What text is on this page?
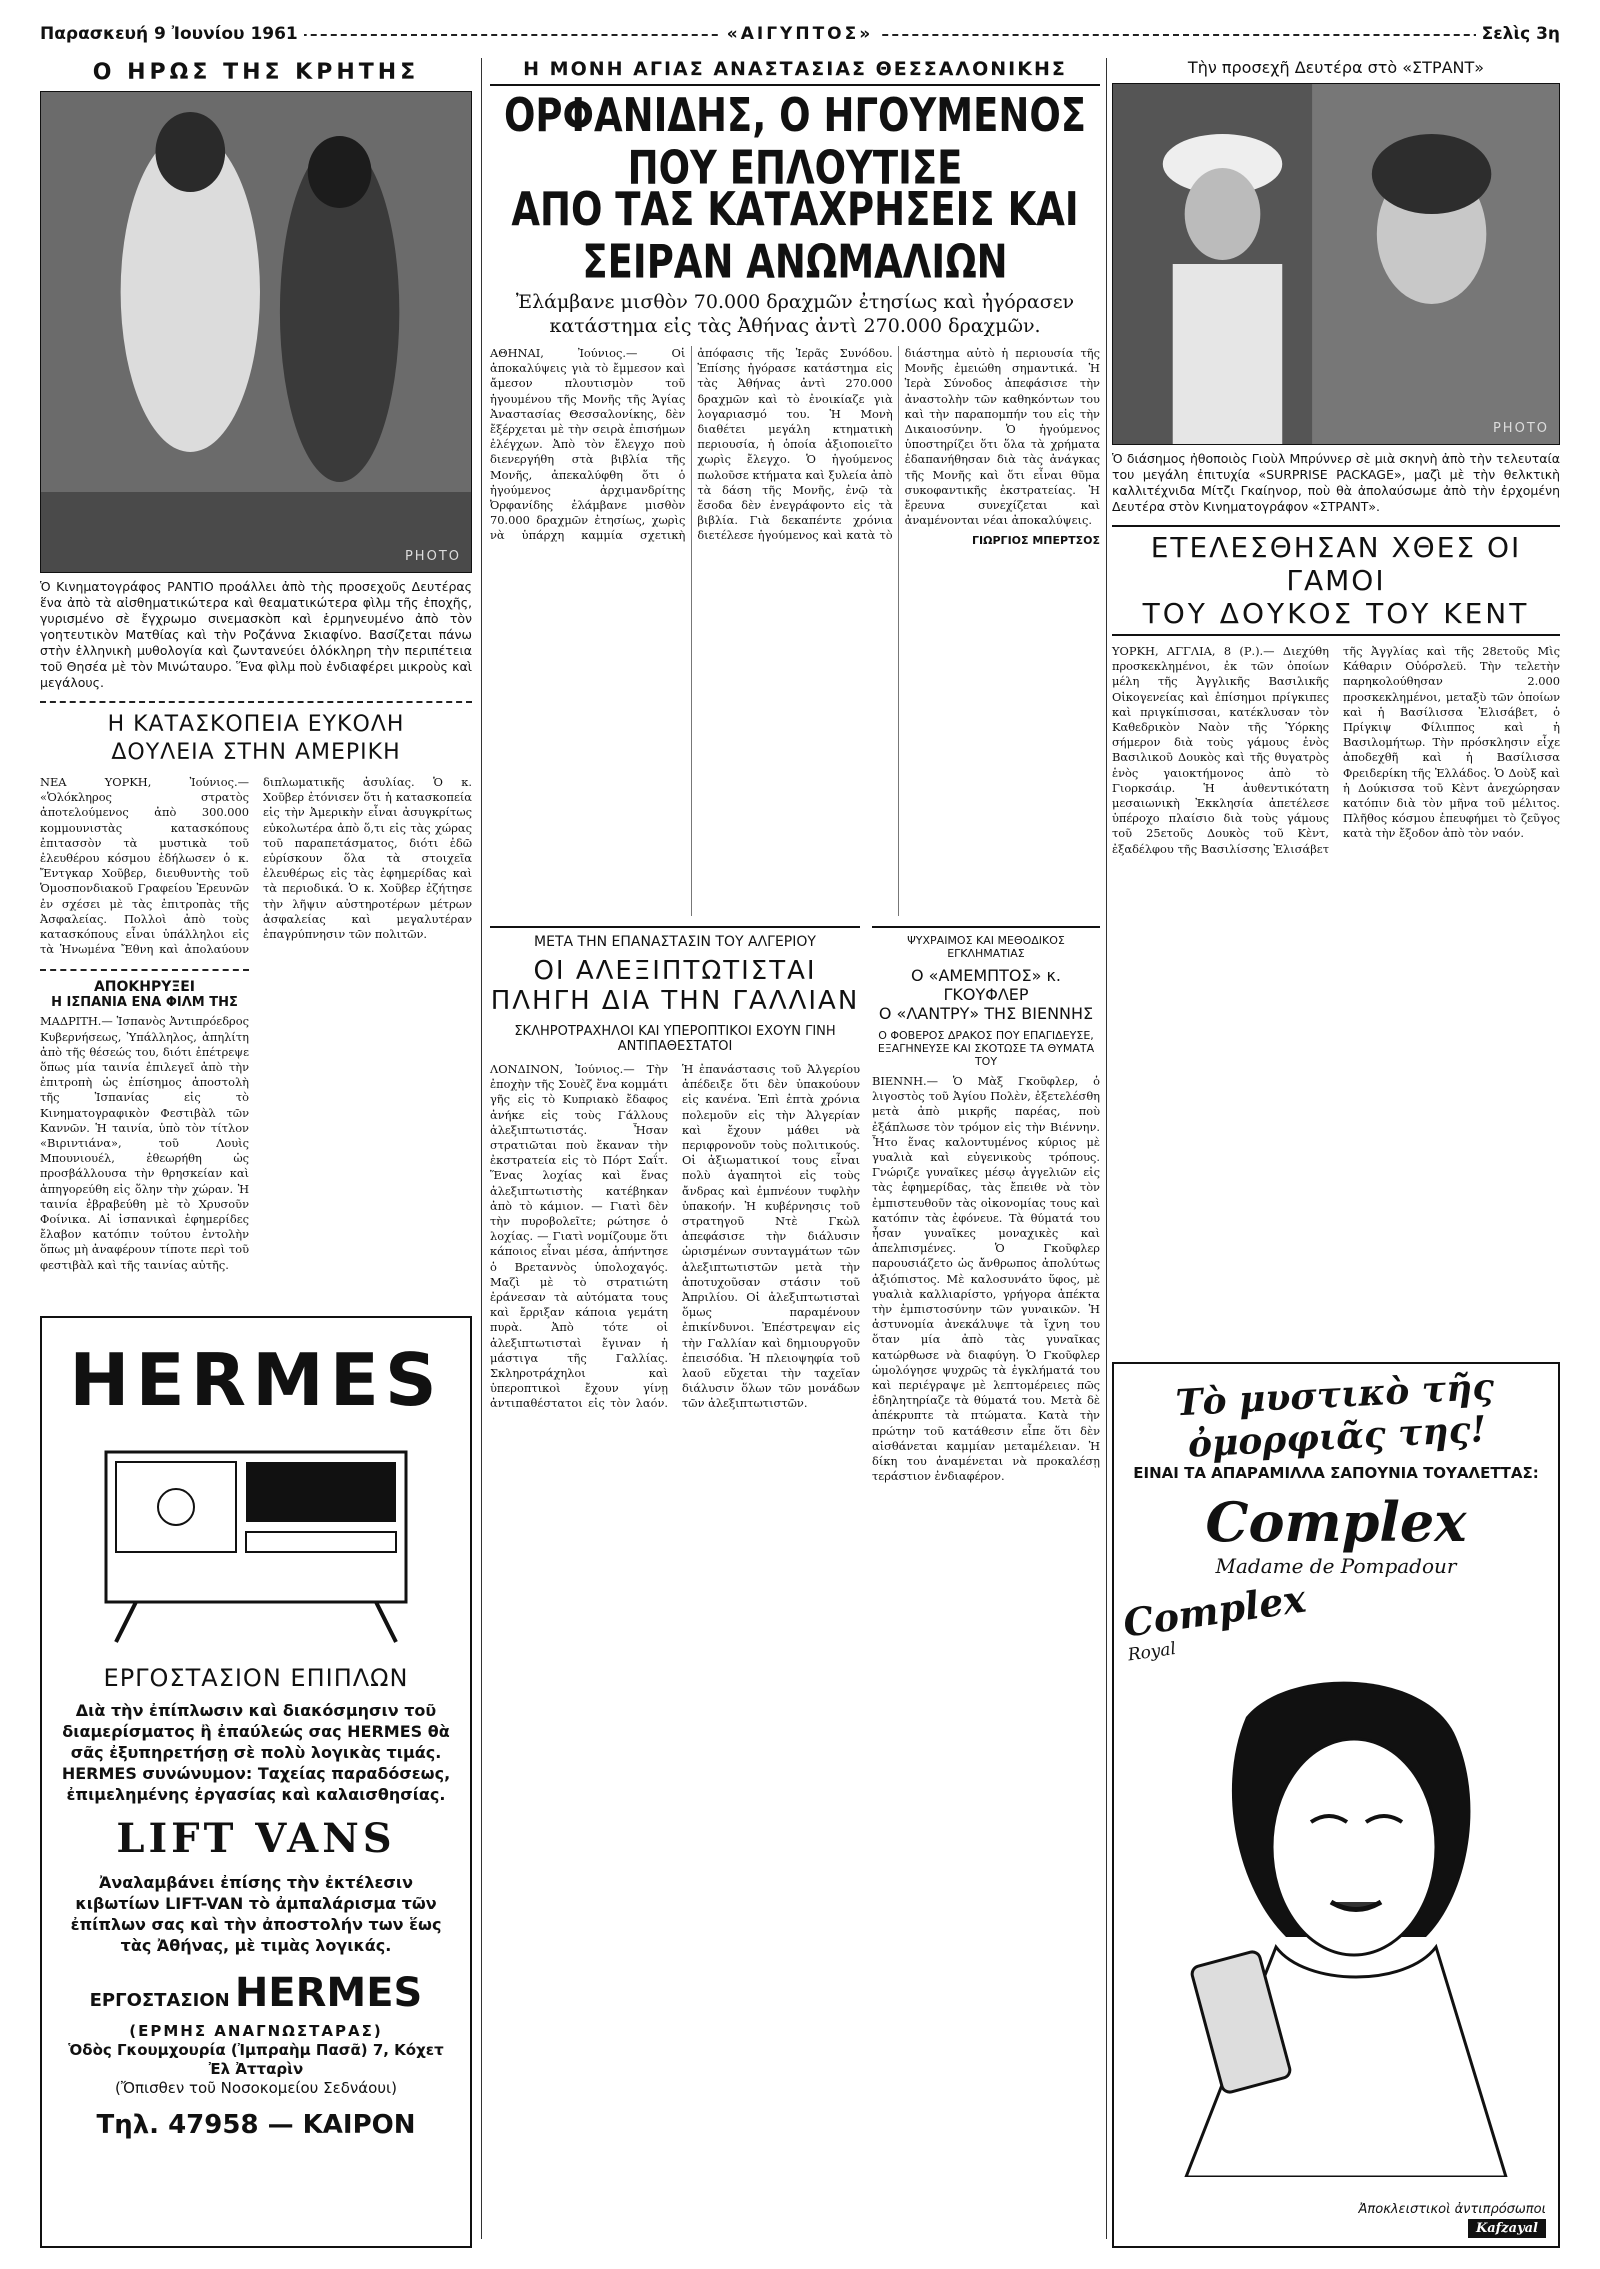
Παρασκευή 9 Ἰουνίου 1961	«ΑΙΓΥΠΤΟΣ»	Σελὶς 3η
Ο ΗΡΩΣ ΤΗΣ ΚΡΗΤΗΣ
PHOTO

Ὁ Κινηματογράφος ΡΑΝΤΙΟ προάλλει ἀπὸ τὴς προσεχοῦς Δευτέρας ἕνα ἀπὸ τὰ αἰσθηματικώτερα καὶ θεαματικώτερα φὶλμ τῆς ἐποχῆς, γυρισμένο σὲ ἔγχρωμο σινεμασκὸπ καὶ ἑρμηνευμένο ἀπὸ τὸν γοητευτικὸν Ματθίας καὶ τὴν Ροζάννα Σκιαφίνο. Βασίζεται πάνω στὴν ἑλληνικὴ μυθολογία καὶ ζωντανεύει ὁλόκληρη τὴν περιπέτεια τοῦ Θησέα μὲ τὸν Μινώταυρο. Ἕνα φὶλμ ποὺ ἐνδιαφέρει μικροὺς καὶ μεγάλους.

Η ΚΑΤΑΣΚΟΠΕΙΑ ΕΥΚΟΛΗ ΔΟΥΛΕΙΑ ΣΤΗΝ ΑΜΕΡΙΚΗ

ΝΕΑ ΥΟΡΚΗ, Ἰούνιος.— «Ὁλόκληρος στρατὸς ἀποτελούμενος ἀπὸ 300.000 κομμουνιστὰς κατασκόπους ἐπιτασσὸν τὰ μυστικὰ τοῦ ἐλευθέρου κόσμου ἐδήλωσεν ὁ κ. Ἔντγκαρ Χοῦβερ, διευθυντὴς τοῦ Ὁμοσπονδιακοῦ Γραφείου Ἐρευνῶν ἐν σχέσει μὲ τὰς ἐπιτροπὰς τῆς Ἀσφαλείας. Πολλοὶ ἀπὸ τοὺς κατασκόπους εἶναι ὑπάλληλοι εἰς τὰ Ἡνωμένα Ἔθνη καὶ ἀπολαύουν διπλωματικῆς ἀσυλίας. Ὁ κ. Χοῦβερ ἐτόνισεν ὅτι ἡ κατασκοπεία εἰς τὴν Ἀμερικὴν εἶναι ἀσυγκρίτως εὐκολωτέρα ἀπὸ ὅ,τι εἰς τὰς χώρας τοῦ παραπετάσματος, διότι ἐδῶ εὑρίσκουν ὅλα τὰ στοιχεῖα ἐλευθέρως εἰς τὰς ἐφημερίδας καὶ τὰ περιοδικά. Ὁ κ. Χοῦβερ ἐζήτησε τὴν λῆψιν αὐστηροτέρων μέτρων ἀσφαλείας καὶ μεγαλυτέραν ἐπαγρύπνησιν τῶν πολιτῶν.

ΑΠΟΚΗΡΥΞΕΙ
Η ΙΣΠΑΝΙΑ ΕΝΑ ΦΙΛΜ ΤΗΣ

ΜΑΔΡΙΤΗ.— Ἱσπανὸς Ἀντιπρόεδρος Κυβερνήσεως, Ὑπάλληλος, ἀπηλίτη ἀπὸ τῆς θέσεώς του, διότι ἐπέτρεψε ὅπως μία ταινία ἐπιλεγεῖ ἀπὸ τὴν ἐπιτροπὴ ὡς ἐπίσημος ἀποστολὴ τῆς Ἱσπανίας εἰς τὸ Κινηματογραφικὸν Φεστιβὰλ τῶν Καννῶν. Ἡ ταινία, ὑπὸ τὸν τίτλον «Βιριντιάνα», τοῦ Λουὶς Μπουνιουέλ, ἐθεωρήθη ὡς προσβάλλουσα τὴν θρησκείαν καὶ ἀπηγορεύθη εἰς ὅλην τὴν χώραν. Ἡ ταινία ἐβραβεύθη μὲ τὸ Χρυσοῦν Φοίνικα. Αἱ ἱσπανικαὶ ἐφημερίδες ἔλαβον κατόπιν τούτου ἐντολὴν ὅπως μὴ ἀναφέρουν τίποτε περὶ τοῦ φεστιβὰλ καὶ τῆς ταινίας αὐτῆς.

HERMES
ΕΡΓΟΣΤΑΣΙΟΝ ΕΠΙΠΛΩΝ
Διὰ τὴν ἐπίπλωσιν καὶ διακόσμησιν τοῦ διαμερίσματος ἢ ἐπαύλεώς σας HERMES θὰ σᾶς ἐξυπηρετήσῃ σὲ πολὺ λογικὰς τιμάς. HERMES συνώνυμον: Ταχείας παραδόσεως, ἐπιμελημένης ἐργασίας καὶ καλαισθησίας.
LIFT VANS
Ἀναλαμβάνει ἐπίσης τὴν ἐκτέλεσιν κιβωτίων LIFT-VAN τὸ ἀμπαλάρισμα τῶν ἐπίπλων σας καὶ τὴν ἀποστολήν των ἕως τὰς Ἀθήνας, μὲ τιμὰς λογικάς.
ΕΡΓΟΣΤΑΣΙΟΝ HERMES
(ΕΡΜΗΣ ΑΝΑΓΝΩΣΤΑΡΑΣ)
Ὁδὸς Γκουμχουρία (Ἰμπραὴμ Πασᾶ) 7, Κόχετ Ἐλ Ἀτταρὶν
(Ὄπισθεν τοῦ Νοσοκομείου Σεδνάουι)
Τηλ. 47958 — ΚΑΙΡΟΝ
Η ΜΟΝΗ ΑΓΙΑΣ ΑΝΑΣΤΑΣΙΑΣ ΘΕΣΣΑΛΟΝΙΚΗΣ
ΟΡΦΑΝΙΔΗΣ, Ο ΗΓΟΥΜΕΝΟΣ ΠΟΥ ΕΠΛΟΥΤΙΣΕ
ΑΠΟ ΤΑΣ ΚΑΤΑΧΡΗΣΕΙΣ ΚΑΙ ΣΕΙΡΑΝ ΑΝΩΜΑΛΙΩΝ

Ἐλάμβανε μισθὸν 70.000 δραχμῶν ἐτησίως καὶ ἠγόρασεν κατάστημα εἰς τὰς Ἀθήνας ἀντὶ 270.000 δραχμῶν.

ΑΘΗΝΑΙ, Ἰούνιος.— Οἱ ἀποκαλύψεις γιὰ τὸ ἔμμεσον καὶ ἄμεσον πλουτισμὸν τοῦ ἡγουμένου τῆς Μονῆς τῆς Ἁγίας Ἀναστασίας Θεσσαλονίκης, δὲν ἔξέρχεται μὲ τὴν σειρὰ ἐπισήμων ἐλέγχων. Ἀπὸ τὸν ἔλεγχο ποὺ διενεργήθη στὰ βιβλία τῆς Μονῆς, ἀπεκαλύφθη ὅτι ὁ ἡγούμενος ἀρχιμανδρίτης Ὀρφανίδης ἐλάμβανε μισθὸν 70.000 δραχμῶν ἐτησίως, χωρὶς νὰ ὑπάρχη καμμία σχετικὴ ἀπόφασις τῆς Ἱερᾶς Συνόδου. Ἐπίσης ἠγόρασε κατάστημα εἰς τὰς Ἀθήνας ἀντὶ 270.000 δραχμῶν καὶ τὸ ἐνοικίαζε γιὰ λογαριασμό του. Ἡ Μονὴ διαθέτει μεγάλη κτηματικὴ περιουσία, ἡ ὁποία ἀξιοποιεῖτο χωρὶς ἔλεγχο. Ὁ ἡγούμενος πωλοῦσε κτήματα καὶ ξυλεία ἀπὸ τὰ δάση τῆς Μονῆς, ἐνῷ τὰ ἔσοδα δὲν ἐνεγράφοντο εἰς τὰ βιβλία. Γιὰ δεκαπέντε χρόνια διετέλεσε ἡγούμενος καὶ κατὰ τὸ διάστημα αὐτὸ ἡ περιουσία τῆς Μονῆς ἐμειώθη σημαντικά. Ἡ Ἱερὰ Σύνοδος ἀπεφάσισε τὴν ἀναστολὴν τῶν καθηκόντων του καὶ τὴν παραπομπήν του εἰς τὴν Δικαιοσύνην. Ὁ ἡγούμενος ὑποστηρίζει ὅτι ὅλα τὰ χρήματα ἐδαπανήθησαν διὰ τὰς ἀνάγκας τῆς Μονῆς καὶ ὅτι εἶναι θῦμα συκοφαντικῆς ἐκστρατείας. Ἡ ἔρευνα συνεχίζεται καὶ ἀναμένονται νέαι ἀποκαλύψεις.

ΓΙΩΡΓΙΟΣ ΜΠΕΡΤΣΟΣ
ΜΕΤΑ ΤΗΝ ΕΠΑΝΑΣΤΑΣΙΝ ΤΟΥ ΑΛΓΕΡΙΟΥ
ΟΙ ΑΛΕΞΙΠΤΩΤΙΣΤΑΙ
ΠΛΗΓΗ ΔΙΑ ΤΗΝ ΓΑΛΛΙΑΝ
ΣΚΛΗΡΟΤΡΑΧΗΛΟΙ ΚΑΙ ΥΠΕΡΟΠΤΙΚΟΙ ΕΧΟΥΝ ΓΙΝΗ ΑΝΤΙΠΑΘΕΣΤΑΤΟΙ

ΛΟΝΔΙΝΟΝ, Ἰούνιος.— Τὴν ἐποχὴν τῆς Σουὲζ ἕνα κομμάτι γῆς εἰς τὸ Κυπριακὸ ἔδαφος ἀνήκε εἰς τοὺς Γάλλους ἀλεξιπτωτιστάς. Ἦσαν στρατιῶται ποὺ ἔκαναν τὴν ἐκστρατεία εἰς τὸ Πόρτ Σαΐτ. Ἕνας λοχίας καὶ ἕνας ἀλεξιπτωτιστὴς κατέβηκαν ἀπὸ τὸ κάμιον. — Γιατὶ δὲν τὴν πυροβολεῖτε; ρώτησε ὁ λοχίας. — Γιατὶ νομίζουμε ὅτι κάποιος εἶναι μέσα, ἀπήντησε ὁ Βρεταννὸς ὑπολοχαγός. Μαζὶ μὲ τὸ στρατιώτη ἐράνεσαν τὰ αὐτόματα τους καὶ ἔρριξαν κάποια γεμάτη πυρὰ. Ἀπὸ τότε οἱ ἀλεξιπτωτισταὶ ἔγιναν ἡ μάστιγα τῆς Γαλλίας. Σκληροτράχηλοι καὶ ὑπεροπτικοὶ ἔχουν γίνῃ ἀντιπαθέστατοι εἰς τὸν λαόν. Ἡ ἐπανάστασις τοῦ Ἀλγερίου ἀπέδειξε ὅτι δὲν ὑπακούουν εἰς κανένα. Ἐπὶ ἑπτὰ χρόνια πολεμοῦν εἰς τὴν Ἀλγερίαν καὶ ἔχουν μάθει νὰ περιφρονοῦν τοὺς πολιτικούς. Οἱ ἀξιωματικοί τους εἶναι πολὺ ἀγαπητοὶ εἰς τοὺς ἄνδρας καὶ ἐμπνέουν τυφλὴν ὑπακοήν. Ἡ κυβέρνησις τοῦ στρατηγοῦ Ντὲ Γκὼλ ἀπεφάσισε τὴν διάλυσιν ὡρισμένων συνταγμάτων τῶν ἀλεξιπτωτιστῶν μετὰ τὴν ἀποτυχοῦσαν στάσιν τοῦ Ἀπριλίου. Οἱ ἀλεξιπτωτισταὶ ὅμως παραμένουν ἐπικίνδυνοι. Ἐπέστρεψαν εἰς τὴν Γαλλίαν καὶ δημιουργοῦν ἐπεισόδια. Ἡ πλειοψηφία τοῦ λαοῦ εὔχεται τὴν ταχεῖαν διάλυσιν ὅλων τῶν μονάδων τῶν ἀλεξιπτωτιστῶν.

ΨΥΧΡΑΙΜΟΣ ΚΑΙ ΜΕΘΟΔΙΚΟΣ ΕΓΚΛΗΜΑΤΙΑΣ
Ο «ΑΜΕΜΠΤΟΣ» κ. ΓΚΟΥΦΛΕΡ
Ο «ΛΑΝΤΡΥ» ΤΗΣ ΒΙΕΝΝΗΣ
Ο ΦΟΒΕΡΟΣ ΔΡΑΚΟΣ ΠΟΥ ΕΠΑΓΙΔΕΥΣΕ, ΕΞΑΓΗΝΕΥΣΕ ΚΑΙ ΣΚΟΤΩΣΕ ΤΑ ΘΥΜΑΤΑ ΤΟΥ

ΒΙΕΝΝΗ.— Ὁ Μὰξ Γκοῦφλερ, ὁ λιγοστὸς τοῦ Ἀγίου Πολὲν, ἐξετελέσθη μετὰ ἀπὸ μικρῆς παρέας, ποὺ ἐξάπλωσε τὸν τρόμον εἰς τὴν Βιέννην. Ἦτο ἕνας καλοντυμένος κύριος μὲ γυαλιὰ καὶ εὐγενικοὺς τρόπους. Γνώριζε γυναῖκες μέσῳ ἀγγελιῶν εἰς τὰς ἐφημερίδας, τὰς ἔπειθε νὰ τὸν ἐμπιστευθοῦν τὰς οἰκονομίας τους καὶ κατόπιν τὰς ἐφόνευε. Τὰ θύματά του ἦσαν γυναῖκες μοναχικὲς καὶ ἀπελπισμένες. Ὁ Γκοῦφλερ παρουσιάζετο ὡς ἄνθρωπος ἀπολύτως ἀξιόπιστος. Μὲ καλοσυνάτο ὕφος, μὲ γυαλιὰ καλλιαρίστο, γρήγορα ἀπέκτα τὴν ἐμπιστοσύνην τῶν γυναικῶν. Ἡ ἀστυνομία ἀνεκάλυψε τὰ ἴχνη του ὅταν μία ἀπὸ τὰς γυναῖκας κατώρθωσε νὰ διαφύγη. Ὁ Γκοῦφλερ ὡμολόγησε ψυχρῶς τὰ ἐγκλήματά του καὶ περιέγραψε μὲ λεπτομέρειες πῶς ἐδηλητηρίαζε τὰ θύματά του. Μετὰ δὲ ἀπέκρυπτε τὰ πτώματα. Κατὰ τὴν πρώτην τοῦ κατάθεσιν εἶπε ὅτι δὲν αἰσθάνεται καμμίαν μεταμέλειαν. Ἡ δίκη του ἀναμένεται νὰ προκαλέσῃ τεράστιον ἐνδιαφέρον.

Τὴν προσεχῆ Δευτέρα στὸ «ΣΤΡΑΝΤ»
PHOTO

Ὁ διάσημος ἠθοποιὸς Γιοὺλ Μπρύννερ σὲ μιὰ σκηνὴ ἀπὸ τὴν τελευταία του μεγάλη ἐπιτυχία «SURPRISE PACKAGE», μαζὶ μὲ τὴν θελκτικὴ καλλιτέχνιδα Μίτζι Γκαίηνορ, ποὺ θὰ ἀπολαύσωμε ἀπὸ τὴν ἐρχομένη Δευτέρα στὸν Κινηματογράφον «ΣΤΡΑΝΤ».

ΕΤΕΛΕΣΘΗΣΑΝ ΧΘΕΣ ΟΙ ΓΑΜΟΙ
ΤΟΥ ΔΟΥΚΟΣ ΤΟΥ ΚΕΝΤ

ΥΟΡΚΗ, ΑΓΓΛΙΑ, 8 (Ρ.).— Διεχύθη προσκεκλημένοι, ἐκ τῶν ὁποίων μέλη τῆς Ἀγγλικῆς Βασιλικῆς Οἰκογενείας καὶ ἐπίσημοι πρίγκιπες καὶ πριγκίπισσαι, κατέκλυσαν τὸν Καθεδρικὸν Ναὸν τῆς Ὑόρκης σήμερον διὰ τοὺς γάμους ἐνὸς Βασιλικοῦ Δουκὸς καὶ τῆς θυγατρὸς ἑνὸς γαιοκτήμονος ἀπὸ τὸ Γιορκσάιρ. Ἡ ἀυθεντικότατη μεσαιωνικὴ Ἐκκλησία ἀπετέλεσε ὑπέροχο πλαίσιο διὰ τοὺς γάμους τοῦ 25ετοῦς Δουκὸς τοῦ Κὲντ, ἐξαδέλφου τῆς Βασιλίσσης Ἐλισάβετ τῆς Ἀγγλίας καὶ τῆς 28ετοῦς Μὶς Κάθαριν Οὐόρσλεϋ. Τὴν τελετὴν παρηκολούθησαν 2.000 προσκεκλημένοι, μεταξὺ τῶν ὁποίων καὶ ἡ Βασίλισσα Ἐλισάβετ, ὁ Πρίγκιψ Φίλιππος καὶ ἡ Βασιλομήτωρ. Τὴν πρόσκλησιν εἶχε ἀποδεχθῆ καὶ ἡ Βασίλισσα Φρειδερίκη τῆς Ἑλλάδος. Ὁ Δοὺξ καὶ ἡ Δούκισσα τοῦ Κὲντ ἀνεχώρησαν κατόπιν διὰ τὸν μῆνα τοῦ μέλιτος. Πλῆθος κόσμου ἐπευφήμει τὸ ζεῦγος κατὰ τὴν ἔξοδον ἀπὸ τὸν ναόν.

Τὸ μυστικὸ τῆς ὀμορφιᾶς της!
ΕΙΝΑΙ ΤΑ ΑΠΑΡΑΜΙΛΛΑ ΣΑΠΟΥΝΙΑ ΤΟΥΑΛΕΤΤΑΣ:
Complex
Madame de Pompadour
Complex
Royal
Ἀποκλειστικοὶ ἀντιπρόσωποι
Kafzayal
